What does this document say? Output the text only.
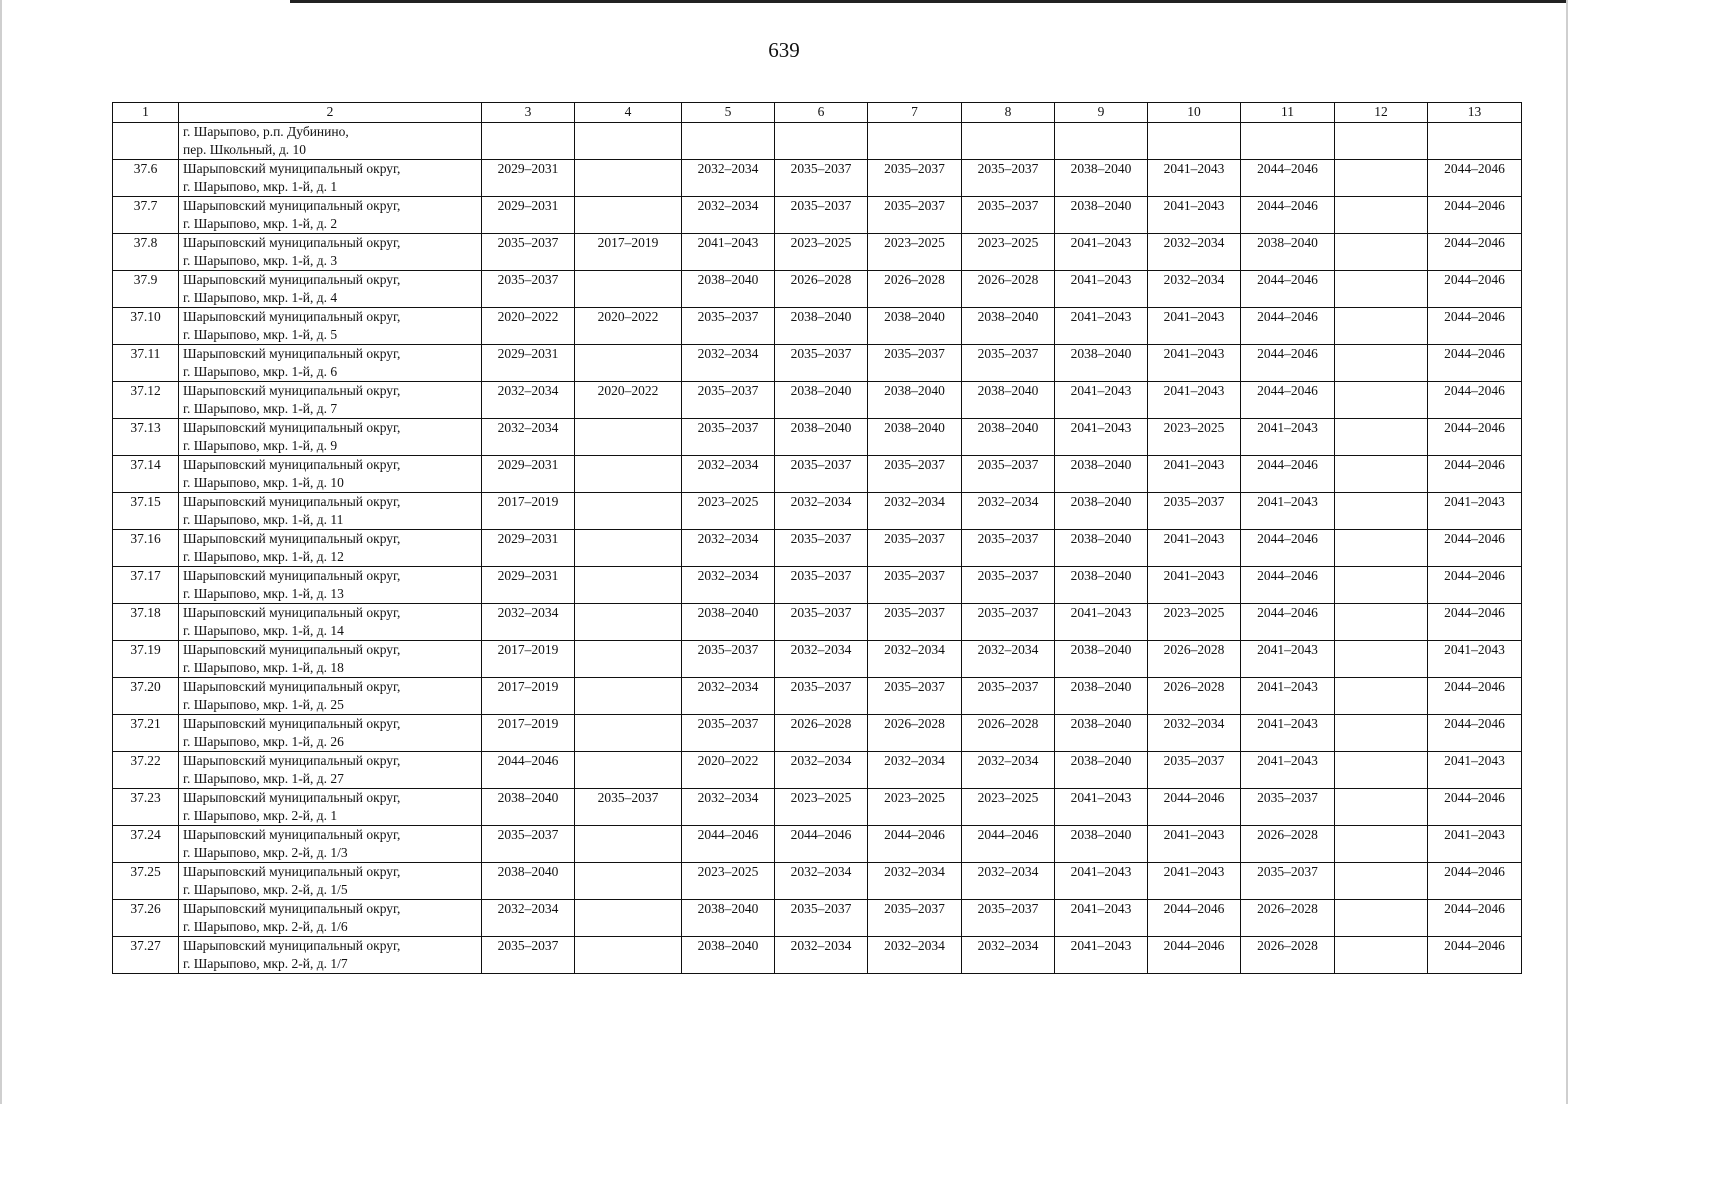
639
1	2	3	4	5	6	7	8	9	10	11	12	13

	г. Шарыпово, р.п. Дубинино,
пер. Школьный, д. 10											

37.6	Шарыповский муниципальный округ,
г. Шарыпово, мкр. 1-й, д. 1	2029–2031		2032–2034	2035–2037	2035–2037	2035–2037	2038–2040	2041–2043	2044–2046		2044–2046
37.7	Шарыповский муниципальный округ,
г. Шарыпово, мкр. 1-й, д. 2	2029–2031		2032–2034	2035–2037	2035–2037	2035–2037	2038–2040	2041–2043	2044–2046		2044–2046
37.8	Шарыповский муниципальный округ,
г. Шарыпово, мкр. 1-й, д. 3	2035–2037	2017–2019	2041–2043	2023–2025	2023–2025	2023–2025	2041–2043	2032–2034	2038–2040		2044–2046
37.9	Шарыповский муниципальный округ,
г. Шарыпово, мкр. 1-й, д. 4	2035–2037		2038–2040	2026–2028	2026–2028	2026–2028	2041–2043	2032–2034	2044–2046		2044–2046
37.10	Шарыповский муниципальный округ,
г. Шарыпово, мкр. 1-й, д. 5	2020–2022	2020–2022	2035–2037	2038–2040	2038–2040	2038–2040	2041–2043	2041–2043	2044–2046		2044–2046
37.11	Шарыповский муниципальный округ,
г. Шарыпово, мкр. 1-й, д. 6	2029–2031		2032–2034	2035–2037	2035–2037	2035–2037	2038–2040	2041–2043	2044–2046		2044–2046
37.12	Шарыповский муниципальный округ,
г. Шарыпово, мкр. 1-й, д. 7	2032–2034	2020–2022	2035–2037	2038–2040	2038–2040	2038–2040	2041–2043	2041–2043	2044–2046		2044–2046
37.13	Шарыповский муниципальный округ,
г. Шарыпово, мкр. 1-й, д. 9	2032–2034		2035–2037	2038–2040	2038–2040	2038–2040	2041–2043	2023–2025	2041–2043		2044–2046
37.14	Шарыповский муниципальный округ,
г. Шарыпово, мкр. 1-й, д. 10	2029–2031		2032–2034	2035–2037	2035–2037	2035–2037	2038–2040	2041–2043	2044–2046		2044–2046
37.15	Шарыповский муниципальный округ,
г. Шарыпово, мкр. 1-й, д. 11	2017–2019		2023–2025	2032–2034	2032–2034	2032–2034	2038–2040	2035–2037	2041–2043		2041–2043
37.16	Шарыповский муниципальный округ,
г. Шарыпово, мкр. 1-й, д. 12	2029–2031		2032–2034	2035–2037	2035–2037	2035–2037	2038–2040	2041–2043	2044–2046		2044–2046
37.17	Шарыповский муниципальный округ,
г. Шарыпово, мкр. 1-й, д. 13	2029–2031		2032–2034	2035–2037	2035–2037	2035–2037	2038–2040	2041–2043	2044–2046		2044–2046
37.18	Шарыповский муниципальный округ,
г. Шарыпово, мкр. 1-й, д. 14	2032–2034		2038–2040	2035–2037	2035–2037	2035–2037	2041–2043	2023–2025	2044–2046		2044–2046
37.19	Шарыповский муниципальный округ,
г. Шарыпово, мкр. 1-й, д. 18	2017–2019		2035–2037	2032–2034	2032–2034	2032–2034	2038–2040	2026–2028	2041–2043		2041–2043
37.20	Шарыповский муниципальный округ,
г. Шарыпово, мкр. 1-й, д. 25	2017–2019		2032–2034	2035–2037	2035–2037	2035–2037	2038–2040	2026–2028	2041–2043		2044–2046
37.21	Шарыповский муниципальный округ,
г. Шарыпово, мкр. 1-й, д. 26	2017–2019		2035–2037	2026–2028	2026–2028	2026–2028	2038–2040	2032–2034	2041–2043		2044–2046
37.22	Шарыповский муниципальный округ,
г. Шарыпово, мкр. 1-й, д. 27	2044–2046		2020–2022	2032–2034	2032–2034	2032–2034	2038–2040	2035–2037	2041–2043		2041–2043
37.23	Шарыповский муниципальный округ,
г. Шарыпово, мкр. 2-й, д. 1	2038–2040	2035–2037	2032–2034	2023–2025	2023–2025	2023–2025	2041–2043	2044–2046	2035–2037		2044–2046
37.24	Шарыповский муниципальный округ,
г. Шарыпово, мкр. 2-й, д. 1/3	2035–2037		2044–2046	2044–2046	2044–2046	2044–2046	2038–2040	2041–2043	2026–2028		2041–2043
37.25	Шарыповский муниципальный округ,
г. Шарыпово, мкр. 2-й, д. 1/5	2038–2040		2023–2025	2032–2034	2032–2034	2032–2034	2041–2043	2041–2043	2035–2037		2044–2046
37.26	Шарыповский муниципальный округ,
г. Шарыпово, мкр. 2-й, д. 1/6	2032–2034		2038–2040	2035–2037	2035–2037	2035–2037	2041–2043	2044–2046	2026–2028		2044–2046
37.27	Шарыповский муниципальный округ,
г. Шарыпово, мкр. 2-й, д. 1/7	2035–2037		2038–2040	2032–2034	2032–2034	2032–2034	2041–2043	2044–2046	2026–2028		2044–2046
